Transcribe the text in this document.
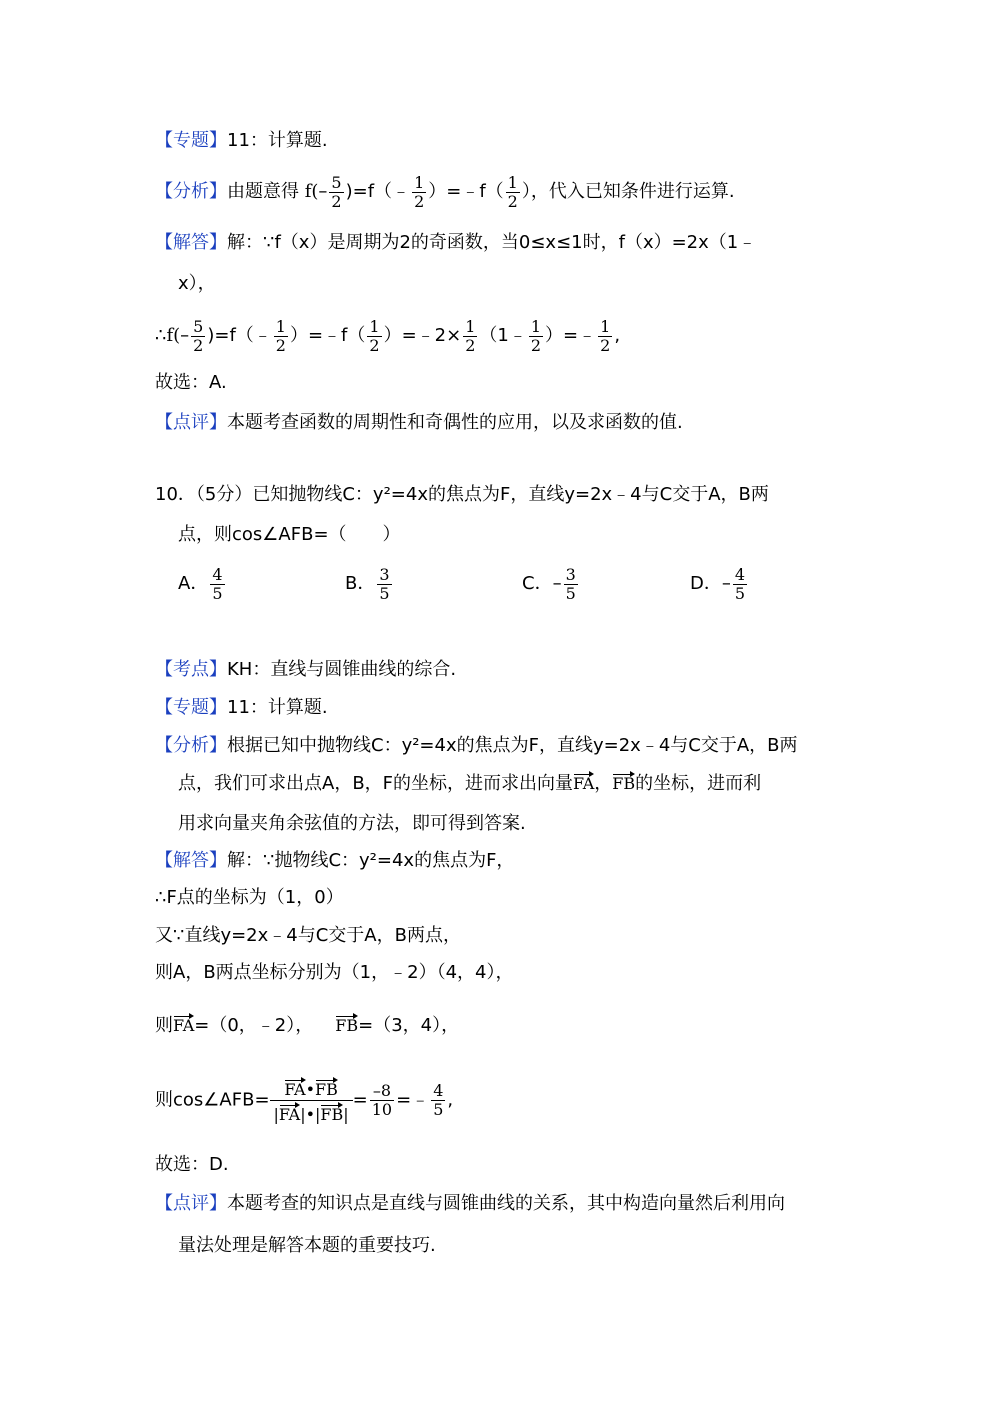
【专题】11：计算题.
【分析】由题意得 $f(- \frac{5}{2}$ )=f（﹣ $\frac{1}{2}$ ）=﹣f（ $\frac{1}{2}$ ），代入已知条件进行运算.
【解答】解：∵f（x）是周期为2的奇函数，当0≤x≤1时，f（x）=2x（1﹣
x），
∴f(– $\frac{5}{2}$ )=f（﹣ $\frac{1}{2}$ ）=﹣f（ $\frac{1}{2}$ ）=﹣2× $\frac{1}{2}$ （1﹣ $\frac{1}{2}$ ）=﹣ $\frac{1}{2}$ ,
故选：A.
【点评】本题考查函数的周期性和奇偶性的应用，以及求函数的值.
10．（5分）已知抛物线C：y²=4x的焦点为F，直线y=2x﹣4与C交于A，B两
点，则cos∠AFB=（　　）
A． $\frac{4}{5}$	B． $\frac{3}{5}$	C．– $\frac{3}{5}$	D．– $\frac{4}{5}$
【考点】KH：直线与圆锥曲线的综合.
【专题】11：计算题.
【分析】根据已知中抛物线C：y²=4x的焦点为F，直线y=2x﹣4与C交于A，B两
点，我们可求出点A，B，F的坐标，进而求出向量FA，FB的坐标，进而利
用求向量夹角余弦值的方法，即可得到答案.
【解答】解：∵抛物线C：y²=4x的焦点为F，
∴F点的坐标为（1，0）
又∵直线y=2x﹣4与C交于A，B两点，
则A，B两点坐标分别为（1，﹣2）（4，4），
则FA=（0，﹣2）， FB=（3，4），
则cos∠AFB= $\frac{FA•FB}{|FA|•|FB|} = \frac{-8}{10}$ =﹣ $\frac{4}{5}$ ,
故选：D.
【点评】本题考查的知识点是直线与圆锥曲线的关系，其中构造向量然后利用向
量法处理是解答本题的重要技巧.
